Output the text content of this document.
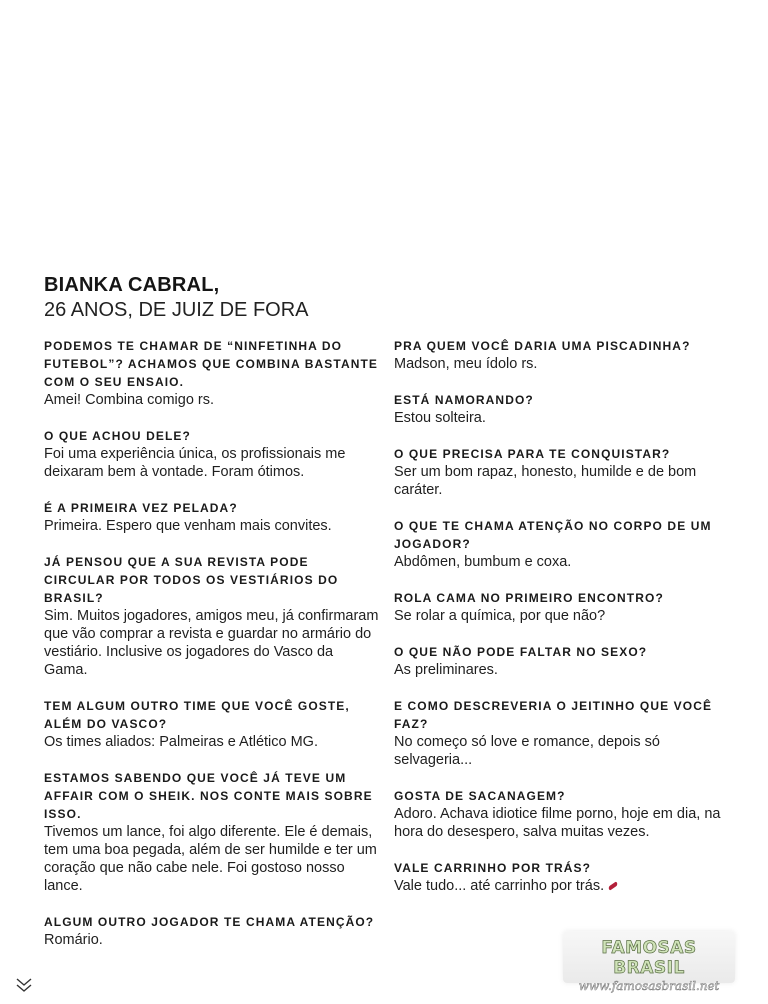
BIANKA CABRAL,
26 ANOS, DE JUIZ DE FORA
PODEMOS TE CHAMAR DE “NINFETINHA DO FUTEBOL”? ACHAMOS QUE COMBINA BASTANTE COM O SEU ENSAIO.
Amei! Combina comigo rs.
O QUE ACHOU DELE?
Foi uma experiência única, os profissionais me deixaram bem à vontade. Foram ótimos.
É A PRIMEIRA VEZ PELADA?
Primeira. Espero que venham mais convites.
JÁ PENSOU QUE A SUA REVISTA PODE CIRCULAR POR TODOS OS VESTIÁRIOS DO BRASIL?
Sim. Muitos jogadores, amigos meu, já confirmaram que vão comprar a revista e guardar no armário do vestiário. Inclusive os jogadores do Vasco da Gama.
TEM ALGUM OUTRO TIME QUE VOCÊ GOSTE, ALÉM DO VASCO?
Os times aliados: Palmeiras e Atlético MG.
ESTAMOS SABENDO QUE VOCÊ JÁ TEVE UM AFFAIR COM O SHEIK. NOS CONTE MAIS SOBRE ISSO.
Tivemos um lance, foi algo diferente. Ele é demais, tem uma boa pegada, além de ser humilde e ter um coração que não cabe nele. Foi gostoso nosso lance.
ALGUM OUTRO JOGADOR TE CHAMA ATENÇÃO?
Romário.
PRA QUEM VOCÊ DARIA UMA PISCADINHA?
Madson, meu ídolo rs.
ESTÁ NAMORANDO?
Estou solteira.
O QUE PRECISA PARA TE CONQUISTAR?
Ser um bom rapaz, honesto, humilde e de bom caráter.
O QUE TE CHAMA ATENÇÃO NO CORPO DE UM JOGADOR?
Abdômen, bumbum e coxa.
ROLA CAMA NO PRIMEIRO ENCONTRO?
Se rolar a química, por que não?
O QUE NÃO PODE FALTAR NO SEXO?
As preliminares.
E COMO DESCREVERIA O JEITINHO QUE VOCÊ FAZ?
No começo só love e romance, depois só selvageria...
GOSTA DE SACANAGEM?
Adoro. Achava idiotice filme porno, hoje em dia, na hora do desespero, salva muitas vezes.
VALE CARRINHO POR TRÁS?
Vale tudo... até carrinho por trás.
FAMOSAS BRASIL
www.famosasbrasil.net
